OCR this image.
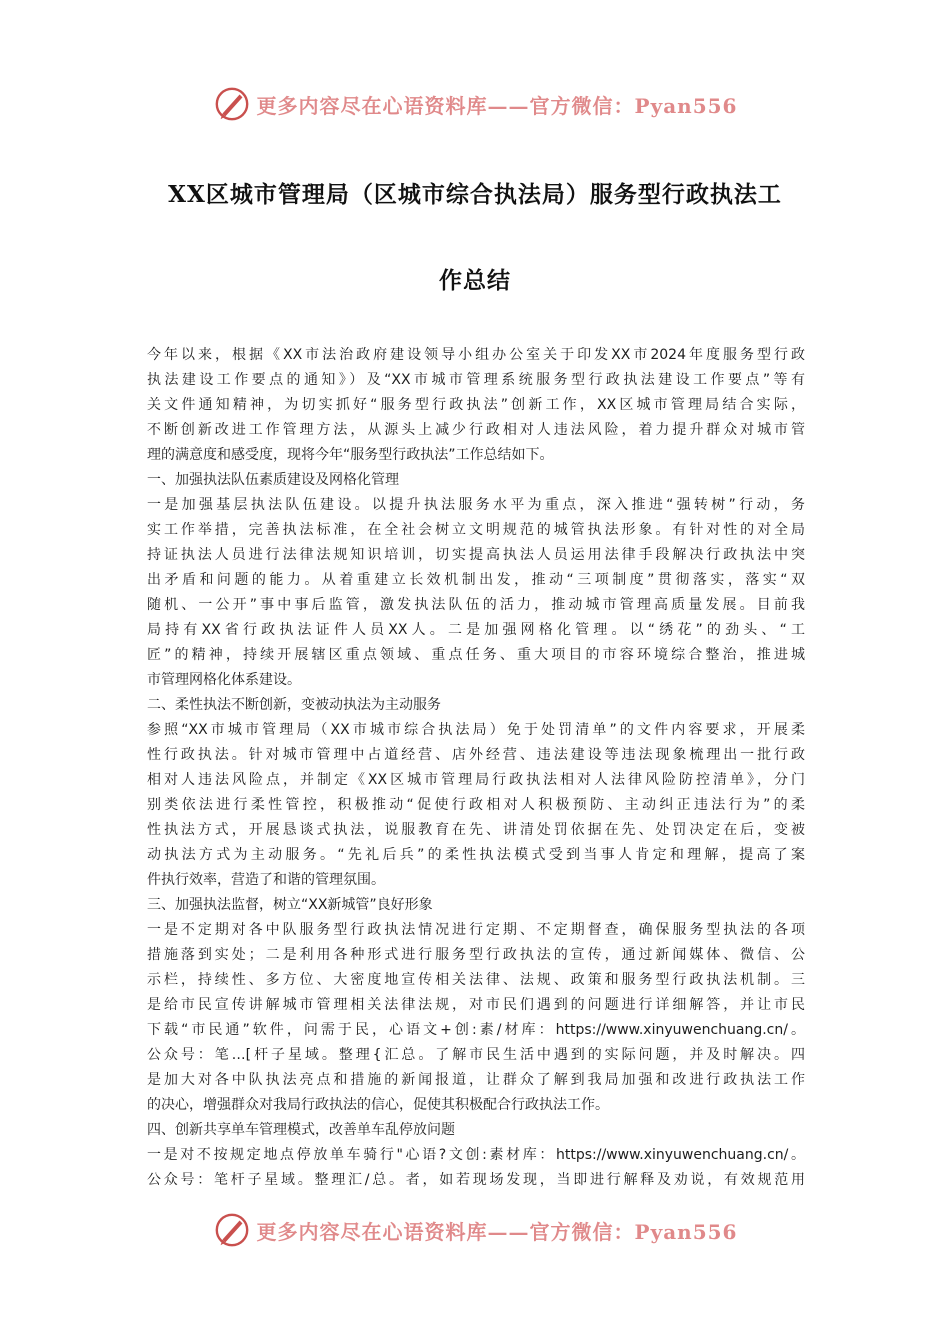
更多内容尽在心语资料库——官方微信：Pyan556
XX区城市管理局（区城市综合执法局）服务型行政执法工
作总结
今年以来，根据《XX市法治政府建设领导小组办公室关于印发XX市2024年度服务型行政
执法建设工作要点的通知》）及“XX市城市管理系统服务型行政执法建设工作要点”等有
关文件通知精神，为切实抓好“服务型行政执法”创新工作，XX区城市管理局结合实际，
不断创新改进工作管理方法，从源头上减少行政相对人违法风险，着力提升群众对城市管
理的满意度和感受度，现将今年“服务型行政执法”工作总结如下。
一、加强执法队伍素质建设及网格化管理
一是加强基层执法队伍建设。以提升执法服务水平为重点，深入推进“强转树”行动，务
实工作举措，完善执法标准，在全社会树立文明规范的城管执法形象。有针对性的对全局
持证执法人员进行法律法规知识培训，切实提高执法人员运用法律手段解决行政执法中突
出矛盾和问题的能力。从着重建立长效机制出发，推动“三项制度”贯彻落实，落实“双
随机、一公开”事中事后监管，激发执法队伍的活力，推动城市管理高质量发展。目前我
局持有XX省行政执法证件人员XX人。二是加强网格化管理。以“绣花”的劲头、“工
匠”的精神，持续开展辖区重点领域、重点任务、重大项目的市容环境综合整治，推进城
市管理网格化体系建设。
二、柔性执法不断创新，变被动执法为主动服务
参照“XX市城市管理局（XX市城市综合执法局）免于处罚清单”的文件内容要求，开展柔
性行政执法。针对城市管理中占道经营、店外经营、违法建设等违法现象梳理出一批行政
相对人违法风险点，并制定《XX区城市管理局行政执法相对人法律风险防控清单》，分门
别类依法进行柔性管控，积极推动“促使行政相对人积极预防、主动纠正违法行为”的柔
性执法方式，开展恳谈式执法，说服教育在先、讲清处罚依据在先、处罚决定在后，变被
动执法方式为主动服务。“先礼后兵”的柔性执法模式受到当事人肯定和理解，提高了案
件执行效率，营造了和谐的管理氛围。
三、加强执法监督，树立“XX新城管”良好形象
一是不定期对各中队服务型行政执法情况进行定期、不定期督查，确保服务型执法的各项
措施落到实处；二是利用各种形式进行服务型行政执法的宣传，通过新闻媒体、微信、公
示栏，持续性、多方位、大密度地宣传相关法律、法规、政策和服务型行政执法机制。三
是给市民宣传讲解城市管理相关法律法规，对市民们遇到的问题进行详细解答，并让市民
下载“市民通”软件，问需于民，心语文+创:素/材库：https://www.xinyuwenchuang.cn/。
公众号：笔…[杆子星域。整理{汇总。了解市民生活中遇到的实际问题，并及时解决。四
是加大对各中队执法亮点和措施的新闻报道，让群众了解到我局加强和改进行政执法工作
的决心，增强群众对我局行政执法的信心，促使其积极配合行政执法工作。
四、创新共享单车管理模式，改善单车乱停放问题
一是对不按规定地点停放单车骑行"心语?文创:素材库：https://www.xinyuwenchuang.cn/。
公众号：笔杆子星域。整理汇/总。者，如若现场发现，当即进行解释及劝说，有效规范用
更多内容尽在心语资料库——官方微信：Pyan556
